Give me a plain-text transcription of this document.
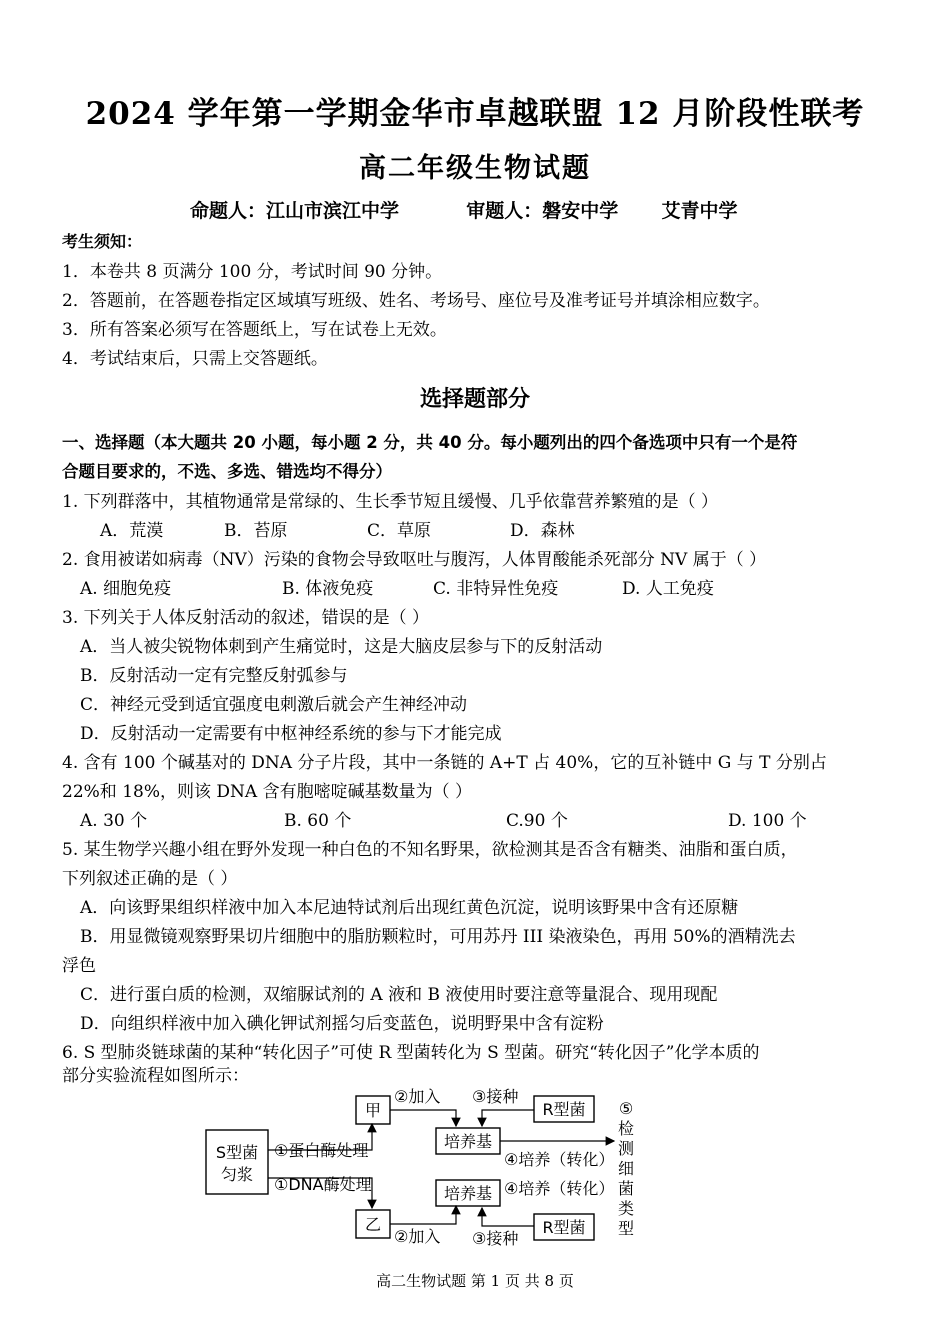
2024 学年第一学期金华市卓越联盟 12 月阶段性联考
高二年级生物试题
命题人：江山市滨江中学	审题人：磐安中学 艾青中学
考生须知：
1．本卷共 8 页满分 100 分，考试时间 90 分钟。
2．答题前，在答题卷指定区域填写班级、姓名、考场号、座位号及准考证号并填涂相应数字。
3．所有答案必须写在答题纸上，写在试卷上无效。
4．考试结束后，只需上交答题纸。
选择题部分
一、选择题（本大题共 20 小题，每小题 2 分，共 40 分。每小题列出的四个备选项中只有一个是符
合题目要求的，不选、多选、错选均不得分）
1. 下列群落中，其植物通常是常绿的、生长季节短且缓慢、几乎依靠营养繁殖的是（ ）
A．荒漠	B．苔原	C．草原	D．森林
2. 食用被诺如病毒（NV）污染的食物会导致呕吐与腹泻，人体胃酸能杀死部分 NV 属于（ ）
A. 细胞免疫	B. 体液免疫	C. 非特异性免疫	D. 人工免疫
3. 下列关于人体反射活动的叙述，错误的是（ ）
A．当人被尖锐物体刺到产生痛觉时，这是大脑皮层参与下的反射活动
B．反射活动一定有完整反射弧参与
C．神经元受到适宜强度电刺激后就会产生神经冲动
D．反射活动一定需要有中枢神经系统的参与下才能完成
4. 含有 100 个碱基对的 DNA 分子片段，其中一条链的 A+T 占 40%，它的互补链中 G 与 T 分别占
22%和 18%，则该 DNA 含有胞嘧啶碱基数量为（ ）
A. 30 个	B. 60 个	C.90 个	D. 100 个
5. 某生物学兴趣小组在野外发现一种白色的不知名野果，欲检测其是否含有糖类、油脂和蛋白质，
下列叙述正确的是（ ）
A．向该野果组织样液中加入本尼迪特试剂后出现红黄色沉淀，说明该野果中含有还原糖
B．用显微镜观察野果切片细胞中的脂肪颗粒时，可用苏丹 III 染液染色，再用 50%的酒精洗去
浮色
C．进行蛋白质的检测，双缩脲试剂的 A 液和 B 液使用时要注意等量混合、现用现配
D．向组织样液中加入碘化钾试剂摇匀后变蓝色，说明野果中含有淀粉
6. S 型肺炎链球菌的某种“转化因子”可使 R 型菌转化为 S 型菌。研究“转化因子”化学本质的
部分实验流程如图所示：
S型菌
匀浆
①蛋白酶处理
①DNA酶处理
甲
乙
②加入
②加入
培养基
培养基
R型菌
R型菌
③接种
③接种
④培养（转化）
④培养（转化）
⑤
检
测
细
菌
类
型
高二生物试题 第 1 页 共 8 页
